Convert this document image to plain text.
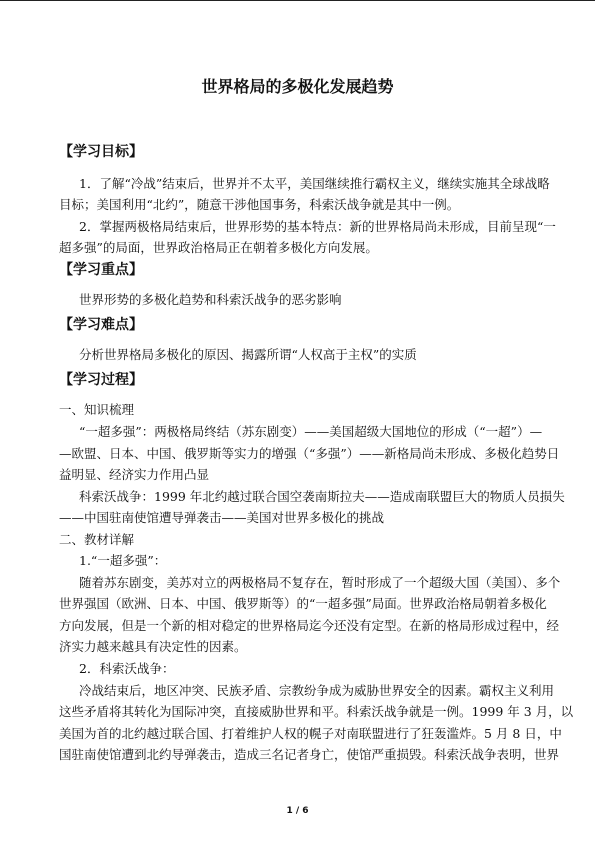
世界格局的多极化发展趋势
【学习目标】
1．了解“冷战”结束后，世界并不太平，美国继续推行霸权主义，继续实施其全球战略
目标；美国利用“北约”，随意干涉他国事务，科索沃战争就是其中一例。
2．掌握两极格局结束后，世界形势的基本特点：新的世界格局尚未形成，目前呈现“一
超多强”的局面，世界政治格局正在朝着多极化方向发展。
【学习重点】
世界形势的多极化趋势和科索沃战争的恶劣影响
【学习难点】
分析世界格局多极化的原因、揭露所谓“人权高于主权”的实质
【学习过程】
一、知识梳理
“一超多强”：两极格局终结（苏东剧变）——美国超级大国地位的形成（“一超”）—
—欧盟、日本、中国、俄罗斯等实力的增强（“多强”）——新格局尚未形成、多极化趋势日
益明显、经济实力作用凸显
科索沃战争：1999 年北约越过联合国空袭南斯拉夫——造成南联盟巨大的物质人员损失
——中国驻南使馆遭导弹袭击——美国对世界多极化的挑战
二、教材详解
1.“一超多强”：
随着苏东剧变，美苏对立的两极格局不复存在，暂时形成了一个超级大国（美国）、多个
世界强国（欧洲、日本、中国、俄罗斯等）的“一超多强”局面。世界政治格局朝着多极化
方向发展，但是一个新的相对稳定的世界格局迄今还没有定型。在新的格局形成过程中，经
济实力越来越具有决定性的因素。
2．科索沃战争：
冷战结束后，地区冲突、民族矛盾、宗教纷争成为威胁世界安全的因素。霸权主义利用
这些矛盾将其转化为国际冲突，直接威胁世界和平。科索沃战争就是一例。1999 年 3 月，以
美国为首的北约越过联合国、打着维护人权的幌子对南联盟进行了狂轰滥炸。5 月 8 日，中
国驻南使馆遭到北约导弹袭击，造成三名记者身亡，使馆严重损毁。科索沃战争表明，世界
1 / 6
